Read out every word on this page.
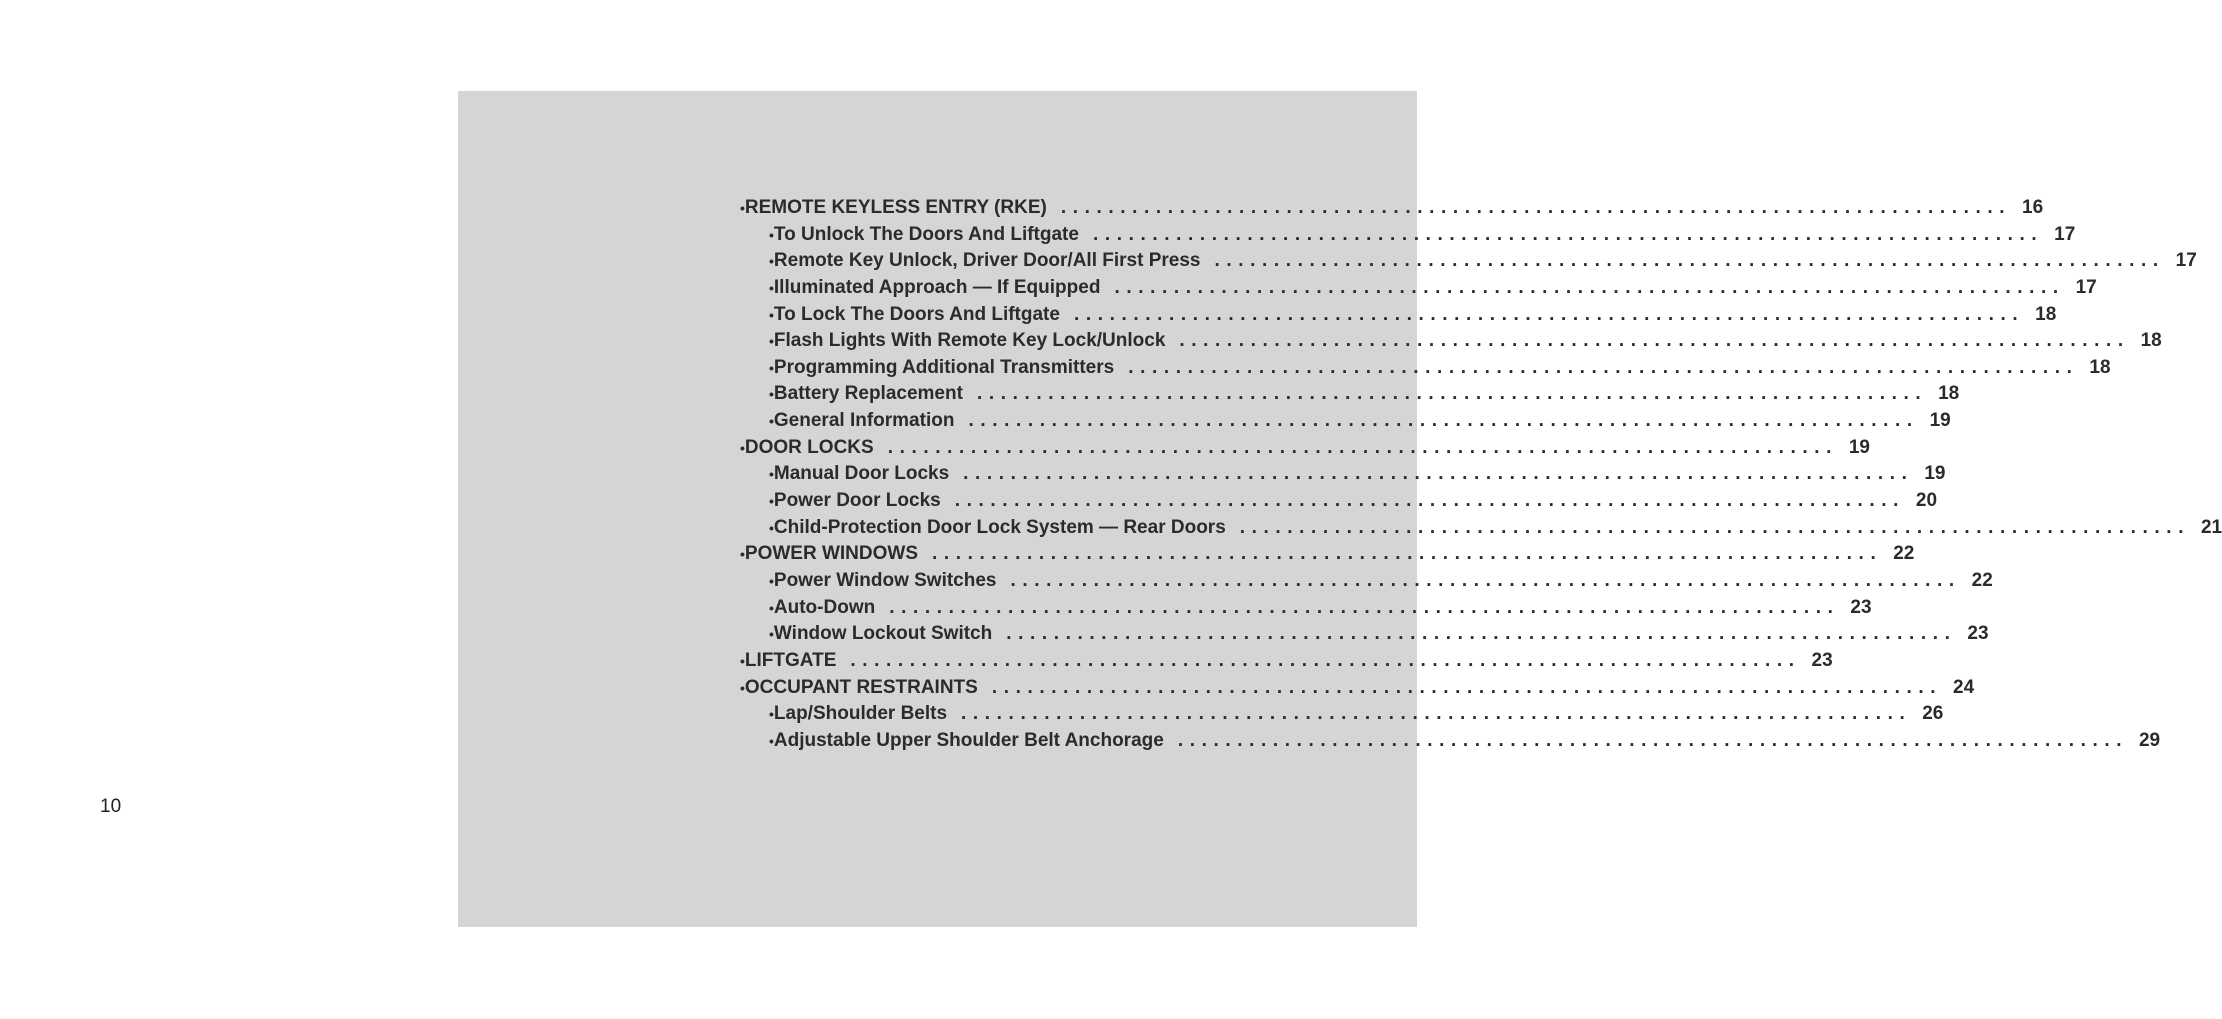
10
• REMOTE KEYLESS ENTRY (RKE) ................................................................................ 16
• To Unlock The Doors And Liftgate ................................................................................ 17
• Remote Key Unlock, Driver Door/All First Press ................................................................................ 17
• Illuminated Approach — If Equipped ................................................................................ 17
• To Lock The Doors And Liftgate ................................................................................ 18
• Flash Lights With Remote Key Lock/Unlock ................................................................................ 18
• Programming Additional Transmitters ................................................................................ 18
• Battery Replacement ................................................................................ 18
• General Information ................................................................................ 19
• DOOR LOCKS ................................................................................ 19
• Manual Door Locks ................................................................................ 19
• Power Door Locks ................................................................................ 20
• Child-Protection Door Lock System — Rear Doors ................................................................................ 21
• POWER WINDOWS ................................................................................ 22
• Power Window Switches ................................................................................ 22
• Auto-Down ................................................................................ 23
• Window Lockout Switch ................................................................................ 23
• LIFTGATE ................................................................................ 23
• OCCUPANT RESTRAINTS ................................................................................ 24
• Lap/Shoulder Belts ................................................................................ 26
• Adjustable Upper Shoulder Belt Anchorage ................................................................................ 29
